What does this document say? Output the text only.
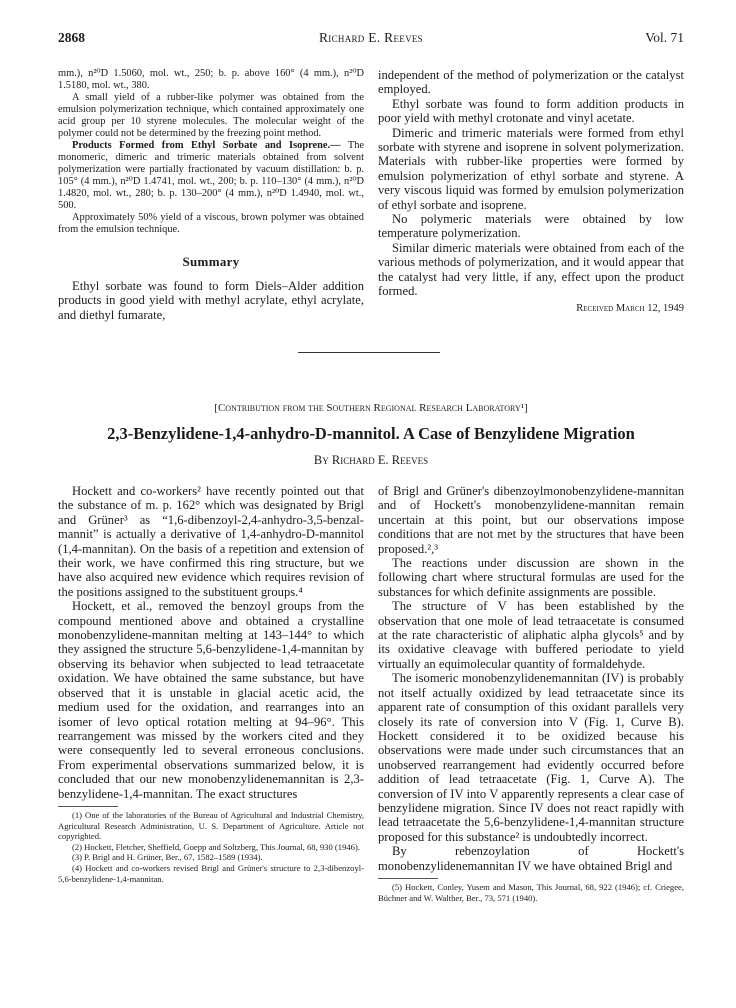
2868	Richard E. Reeves	Vol. 71

mm.), n²⁰D 1.5060, mol. wt., 250; b. p. above 160° (4 mm.), n²⁰D 1.5180, mol. wt., 380.

A small yield of a rubber-like polymer was obtained from the emulsion polymerization technique, which contained approximately one acid group per 10 styrene molecules. The molecular weight of the polymer could not be determined by the freezing point method.

Products Formed from Ethyl Sorbate and Isoprene.— The monomeric, dimeric and trimeric materials obtained from solvent polymerization were partially fractionated by vacuum distillation: b. p. 105° (4 mm.), n²⁰D 1.4741, mol. wt., 200; b. p. 110–130° (4 mm.), n²⁰D 1.4820, mol. wt., 280; b. p. 130–200° (4 mm.), n²⁰D 1.4940, mol. wt., 500.

Approximately 50% yield of a viscous, brown polymer was obtained from the emulsion technique.

Summary

Ethyl sorbate was found to form Diels–Alder addition products in good yield with methyl acrylate, ethyl acrylate, and diethyl fumarate,

independent of the method of polymerization or the catalyst employed.

Ethyl sorbate was found to form addition products in poor yield with methyl crotonate and vinyl acetate.

Dimeric and trimeric materials were formed from ethyl sorbate with styrene and isoprene in solvent polymerization. Materials with rubber-like properties were formed by emulsion polymerization of ethyl sorbate and styrene. A very viscous liquid was formed by emulsion polymerization of ethyl sorbate and isoprene.

No polymeric materials were obtained by low temperature polymerization.

Similar dimeric materials were obtained from each of the various methods of polymerization, and it would appear that the catalyst had very little, if any, effect upon the product formed.

Received March 12, 1949

[Contribution from the Southern Regional Research Laboratory¹]
2,3-Benzylidene-1,4-anhydro-D-mannitol. A Case of Benzylidene Migration
By Richard E. Reeves

Hockett and co-workers² have recently pointed out that the substance of m. p. 162° which was designated by Brigl and Grüner³ as “1,6-dibenzoyl-2,4-anhydro-3,5-benzal-mannit” is actually a derivative of 1,4-anhydro-D-mannitol (1,4-mannitan). On the basis of a repetition and extension of their work, we have confirmed this ring structure, but we have also acquired new evidence which requires revision of the positions assigned to the substituent groups.⁴

Hockett, et al., removed the benzoyl groups from the compound mentioned above and obtained a crystalline monobenzylidene-mannitan melting at 143–144° to which they assigned the structure 5,6-benzylidene-1,4-mannitan by observing its behavior when subjected to lead tetraacetate oxidation. We have obtained the same substance, but have observed that it is unstable in glacial acetic acid, the medium used for the oxidation, and rearranges into an isomer of levo optical rotation melting at 94–96°. This rearrangement was missed by the workers cited and they were consequently led to several erroneous conclusions. From experimental observations summarized below, it is concluded that our new monobenzylidenemannitan is 2,3-benzylidene-1,4-mannitan. The exact structures

(1) One of the laboratories of the Bureau of Agricultural and Industrial Chemistry, Agricultural Research Administration, U. S. Department of Agriculture. Article not copyrighted.

(2) Hockett, Fletcher, Sheffield, Goepp and Soltzberg, This Journal, 68, 930 (1946).

(3) P. Brigl and H. Grüner, Ber., 67, 1582–1589 (1934).

(4) Hockett and co-workers revised Brigl and Grüner's structure to 2,3-dibenzoyl-5,6-benzylidene-1,4-mannitan.

of Brigl and Grüner's dibenzoylmonobenzylidene-mannitan and of Hockett's monobenzylidene-mannitan remain uncertain at this point, but our observations impose conditions that are not met by the structures that have been proposed.²,³

The reactions under discussion are shown in the following chart where structural formulas are used for the substances for which definite assignments are possible.

The structure of V has been established by the observation that one mole of lead tetraacetate is consumed at the rate characteristic of aliphatic alpha glycols⁵ and by its oxidative cleavage with buffered periodate to yield virtually an equimolecular quantity of formaldehyde.

The isomeric monobenzylidenemannitan (IV) is probably not itself actually oxidized by lead tetraacetate since its apparent rate of consumption of this oxidant parallels very closely its rate of conversion into V (Fig. 1, Curve B). Hockett considered it to be oxidized because his observations were made under such circumstances that an unobserved rearrangement had evidently occurred before addition of lead tetraacetate (Fig. 1, Curve A). The conversion of IV into V apparently represents a clear case of benzylidene migration. Since IV does not react rapidly with lead tetraacetate the 5,6-benzylidene-1,4-mannitan structure proposed for this substance² is undoubtedly incorrect.

By rebenzoylation of Hockett's monobenzylidenemannitan IV we have obtained Brigl and

(5) Hockett, Conley, Yusem and Mason, This Journal, 68, 922 (1946); cf. Criegee, Büchner and W. Walther, Ber., 73, 571 (1940).
